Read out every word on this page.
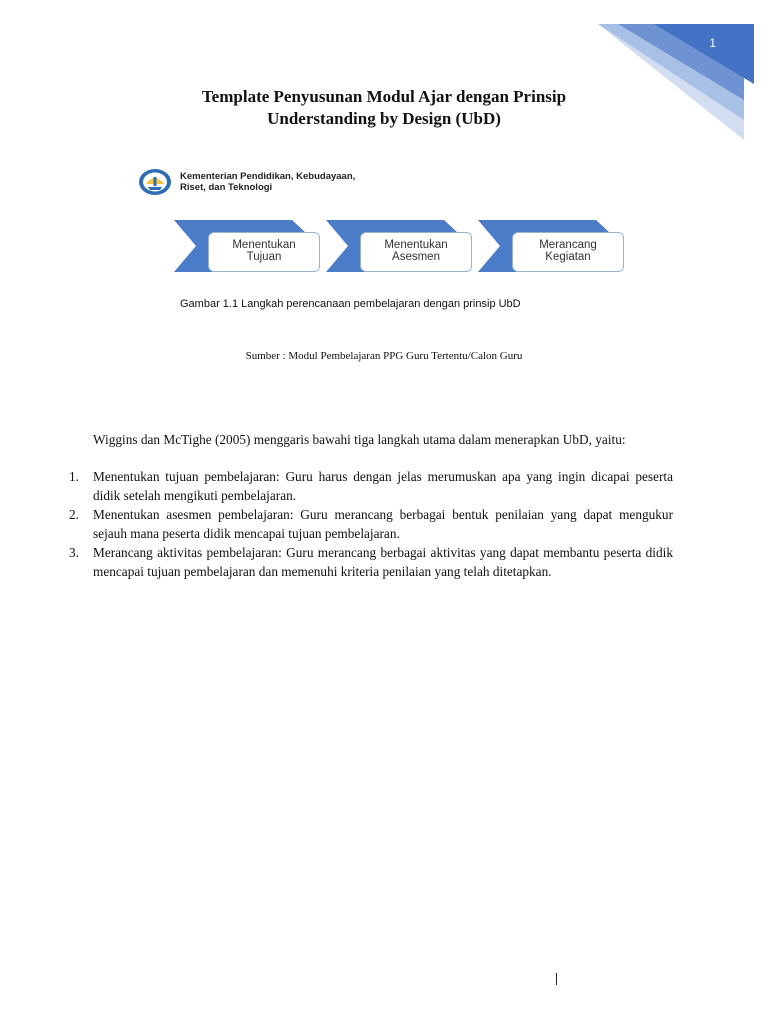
1
Template Penyusunan Modul Ajar dengan Prinsip
Understanding by Design (UbD)
Kementerian Pendidikan, Kebudayaan,
Riset, dan Teknologi
Menentukan
Tujuan
Menentukan
Asesmen
Merancang
Kegiatan
Gambar 1.1 Langkah perencanaan pembelajaran dengan prinsip UbD
Sumber : Modul Pembelajaran PPG Guru Tertentu/Calon Guru

Wiggins dan McTighe (2005) menggaris bawahi tiga langkah utama dalam menerapkan UbD, yaitu:

1. Menentukan tujuan pembelajaran: Guru harus dengan jelas merumuskan apa yang ingin dicapai peserta didik setelah mengikuti pembelajaran.
2. Menentukan asesmen pembelajaran: Guru merancang berbagai bentuk penilaian yang dapat mengukur sejauh mana peserta didik mencapai tujuan pembelajaran.
3. Merancang aktivitas pembelajaran: Guru merancang berbagai aktivitas yang dapat membantu peserta didik mencapai tujuan pembelajaran dan memenuhi kriteria penilaian yang telah ditetapkan.
